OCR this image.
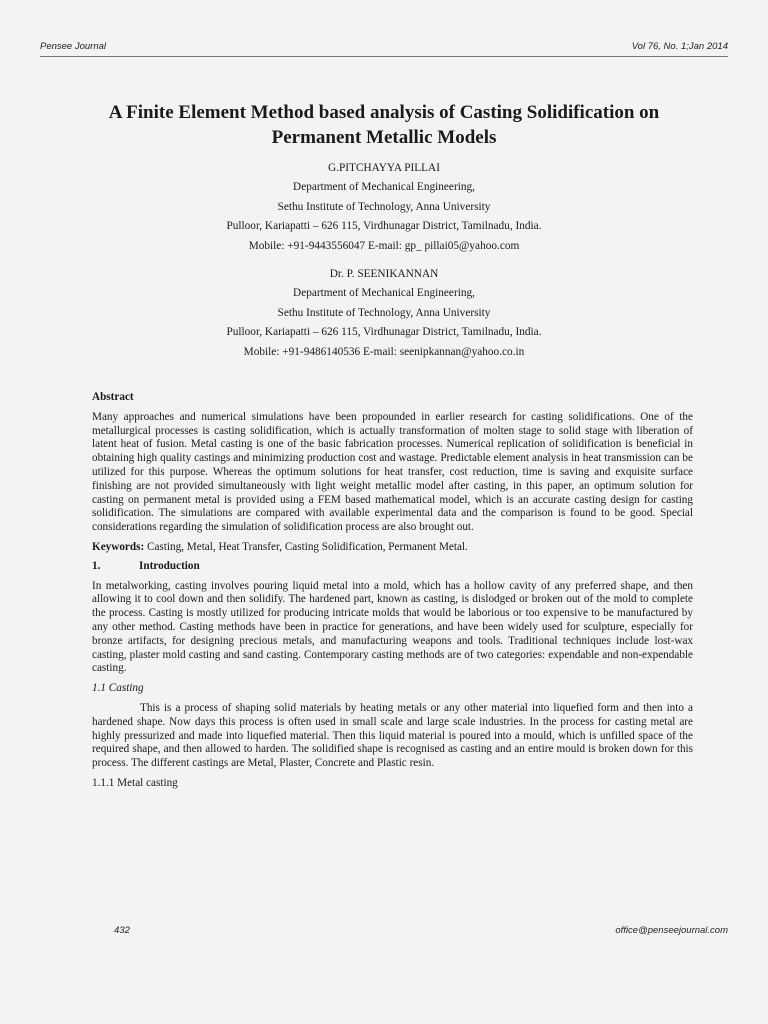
Pensee Journal	Vol 76, No. 1;Jan 2014
A Finite Element Method based analysis of Casting Solidification on
Permanent Metallic Models

G.PITCHAYYA PILLAI

Department of Mechanical Engineering,

Sethu Institute of Technology, Anna University

Pulloor, Kariapatti – 626 115, Virdhunagar District, Tamilnadu, India.

Mobile: +91-9443556047 E-mail: gp_ pillai05@yahoo.com

Dr. P. SEENIKANNAN

Department of Mechanical Engineering,

Sethu Institute of Technology, Anna University

Pulloor, Kariapatti – 626 115, Virdhunagar District, Tamilnadu, India.

Mobile: +91-9486140536 E-mail: seenipkannan@yahoo.co.in

Abstract

Many approaches and numerical simulations have been propounded in earlier research for casting solidifications. One of the metallurgical processes is casting solidification, which is actually transformation of molten stage to solid stage with liberation of latent heat of fusion. Metal casting is one of the basic fabrication processes. Numerical replication of solidification is beneficial in obtaining high quality castings and minimizing production cost and wastage. Predictable element analysis in heat transmission can be utilized for this purpose. Whereas the optimum solutions for heat transfer, cost reduction, time is saving and exquisite surface finishing are not provided simultaneously with light weight metallic model after casting, in this paper, an optimum solution for casting on permanent metal is provided using a FEM based mathematical model, which is an accurate casting design for casting solidification. The simulations are compared with available experimental data and the comparison is found to be good. Special considerations regarding the simulation of solidification process are also brought out.

Keywords: Casting, Metal, Heat Transfer, Casting Solidification, Permanent Metal.

1.	Introduction

In metalworking, casting involves pouring liquid metal into a mold, which has a hollow cavity of any preferred shape, and then allowing it to cool down and then solidify. The hardened part, known as casting, is dislodged or broken out of the mold to complete the process. Casting is mostly utilized for producing intricate molds that would be laborious or too expensive to be manufactured by any other method. Casting methods have been in practice for generations, and have been widely used for sculpture, especially for bronze artifacts, for designing precious metals, and manufacturing weapons and tools. Traditional techniques include lost-wax casting, plaster mold casting and sand casting. Contemporary casting methods are of two categories: expendable and non-expendable casting.

1.1 Casting

This is a process of shaping solid materials by heating metals or any other material into liquefied form and then into a hardened shape. Now days this process is often used in small scale and large scale industries. In the process for casting metal are highly pressurized and made into liquefied material. Then this liquid material is poured into a mould, which is unfilled space of the required shape, and then allowed to harden. The solidified shape is recognised as casting and an entire mould is broken down for this process. The different castings are Metal, Plaster, Concrete and Plastic resin.

1.1.1 Metal casting

432	office@penseejournal.com
